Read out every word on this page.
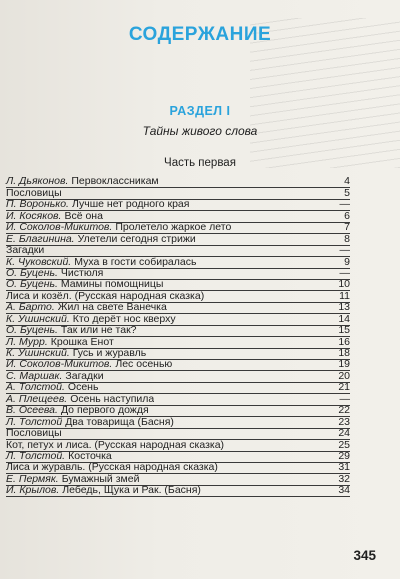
СОДЕРЖАНИЕ
РАЗДЕЛ I
Тайны живого слова
Часть первая
Л. Дьяконов. Первоклассникам	4
Пословицы	5
П. Воронько. Лучше нет родного края	—
И. Косяков. Всё она	6
И. Соколов-Микитов. Пролетело жаркое лето	7
Е. Благинина. Улетели сегодня стрижи	8
Загадки	—
К. Чуковский. Муха в гости собиралась	9
О. Буцень. Чистюля	—
О. Буцень. Мамины помощницы	10
Лиса и козёл. (Русская народная сказка)	11
А. Барто. Жил на свете Ванечка	13
К. Ушинский. Кто дерёт нос кверху	14
О. Буцень. Так или не так?	15
Л. Мурр. Крошка Енот	16
К. Ушинский. Гусь и журавль	18
И. Соколов-Микитов. Лес осенью	19
С. Маршак. Загадки	20
А. Толстой. Осень	21
А. Плещеев. Осень наступила	—
В. Осеева. До первого дождя	22
Л. Толстой Два товарища (Басня)	23
Пословицы	24
Кот, петух и лиса. (Русская народная сказка)	25
Л. Толстой. Косточка	29
Лиса и журавль. (Русская народная сказка)	31
Е. Пермяк. Бумажный змей	32
И. Крылов. Лебедь, Щука и Рак. (Басня)	34
345
